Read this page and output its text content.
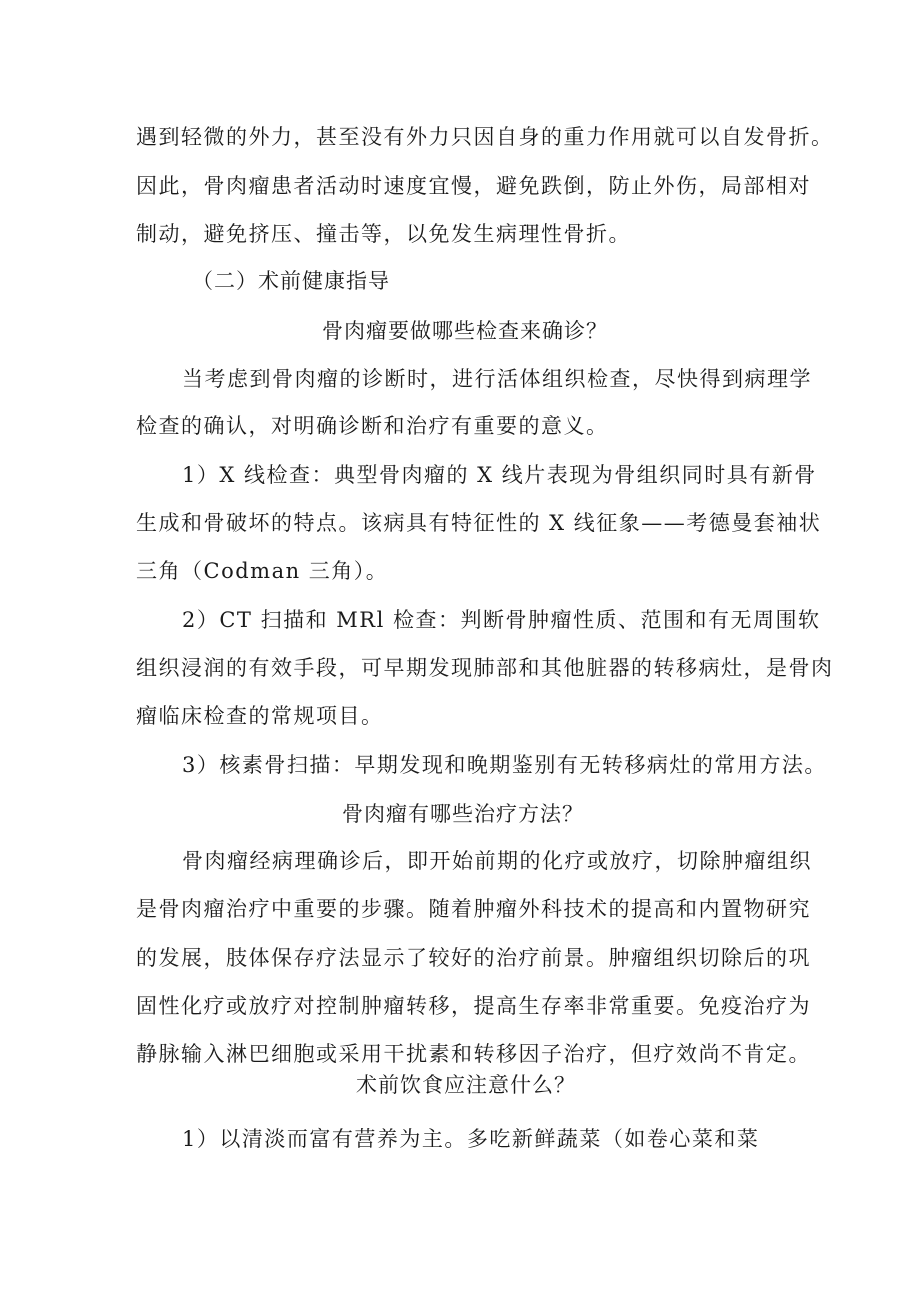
遇到轻微的外力，甚至没有外力只因自身的重力作用就可以自发骨折。
因此，骨肉瘤患者活动时速度宜慢，避免跌倒，防止外伤，局部相对
制动，避免挤压、撞击等，以免发生病理性骨折。
（二）术前健康指导
骨肉瘤要做哪些检查来确诊？
当考虑到骨肉瘤的诊断时，进行活体组织检查，尽快得到病理学
检查的确认，对明确诊断和治疗有重要的意义。
1）X 线检查：典型骨肉瘤的 X 线片表现为骨组织同时具有新骨
生成和骨破坏的特点。该病具有特征性的 X 线征象——考德曼套袖状
三角（Codman 三角）。
2）CT 扫描和 MRl 检查：判断骨肿瘤性质、范围和有无周围软
组织浸润的有效手段，可早期发现肺部和其他脏器的转移病灶，是骨肉
瘤临床检查的常规项目。
3）核素骨扫描：早期发现和晚期鉴别有无转移病灶的常用方法。
骨肉瘤有哪些治疗方法？
骨肉瘤经病理确诊后，即开始前期的化疗或放疗，切除肿瘤组织
是骨肉瘤治疗中重要的步骤。随着肿瘤外科技术的提高和内置物研究
的发展，肢体保存疗法显示了较好的治疗前景。肿瘤组织切除后的巩
固性化疗或放疗对控制肿瘤转移，提高生存率非常重要。免疫治疗为
静脉输入淋巴细胞或采用干扰素和转移因子治疗，但疗效尚不肯定。
术前饮食应注意什么？
1）以清淡而富有营养为主。多吃新鲜蔬菜（如卷心菜和菜
